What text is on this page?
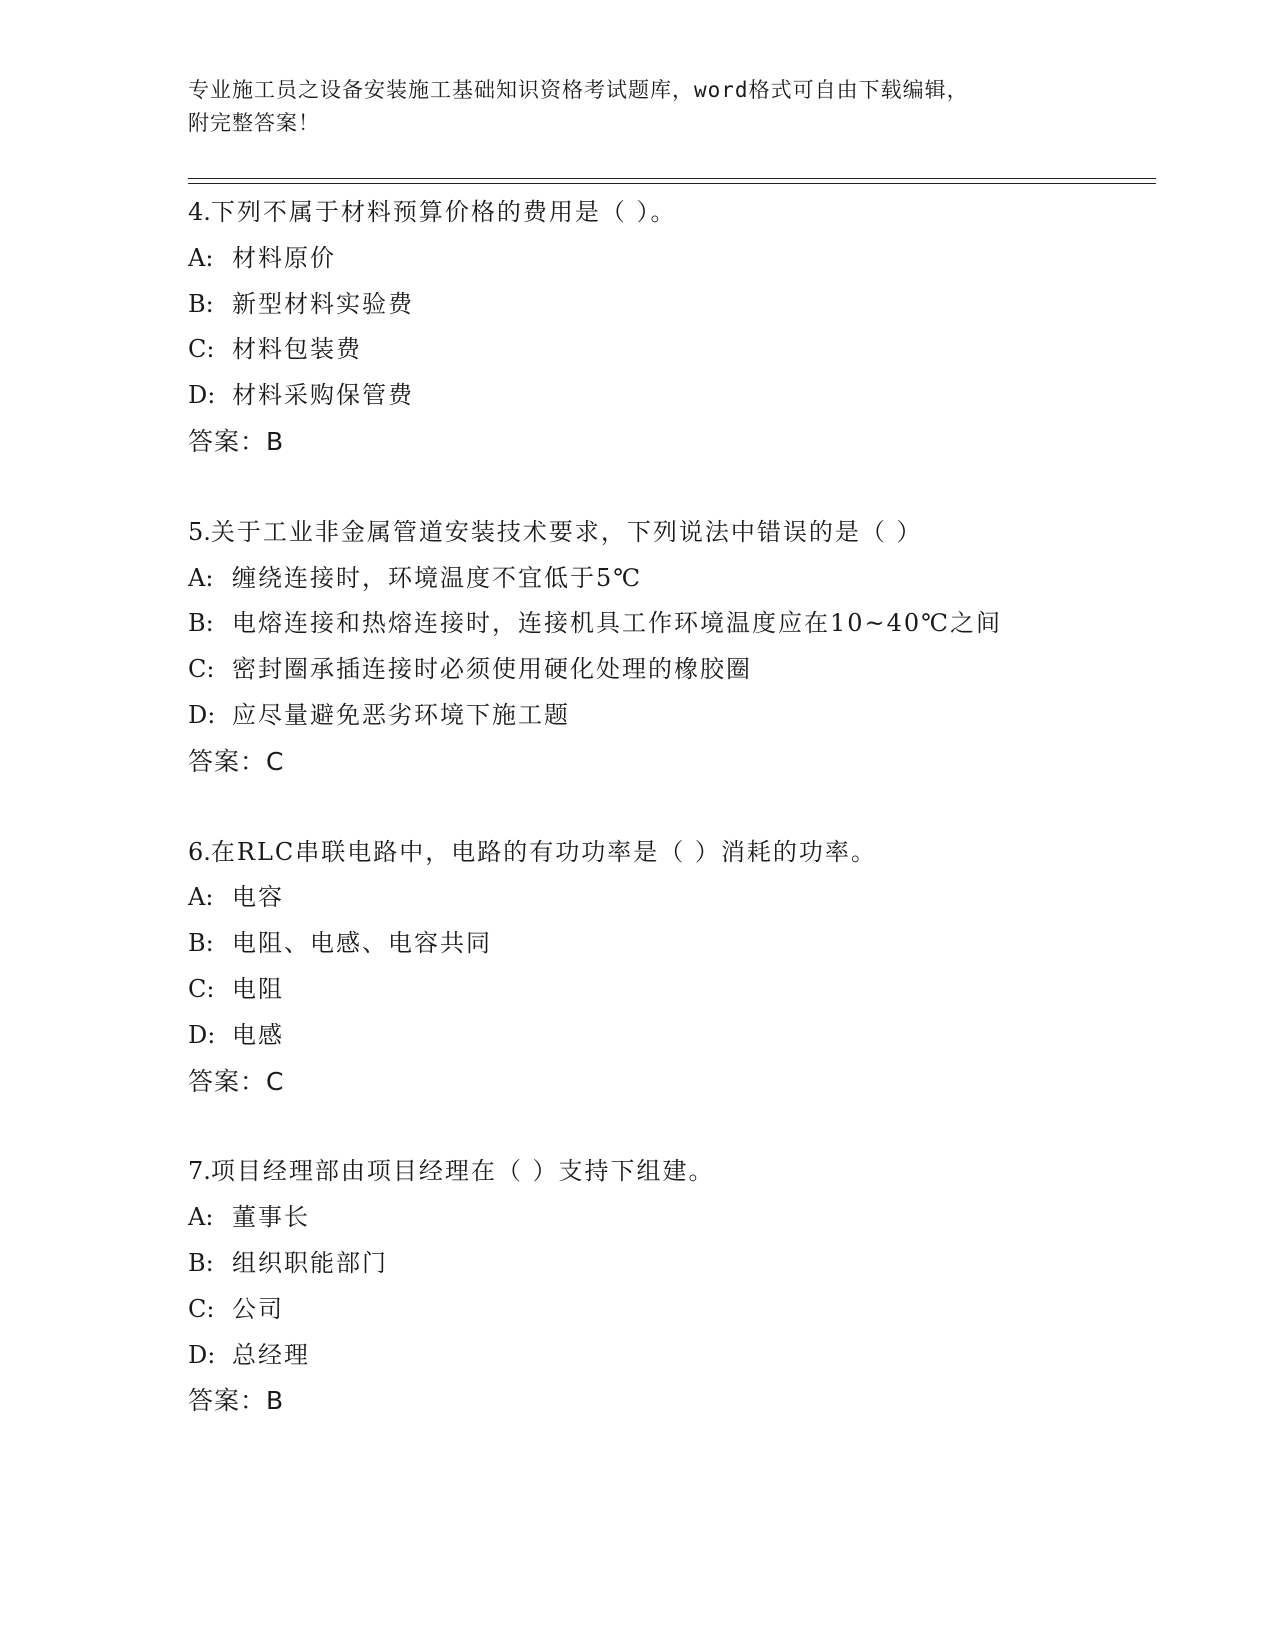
专业施工员之设备安装施工基础知识资格考试题库，word格式可自由下载编辑，
附完整答案！
4.下列不属于材料预算价格的费用是（ ）。
A: 材料原价
B: 新型材料实验费
C: 材料包装费
D: 材料采购保管费
答案：B
5.关于工业非金属管道安装技术要求，下列说法中错误的是（ ）
A: 缠绕连接时，环境温度不宜低于5℃
B: 电熔连接和热熔连接时，连接机具工作环境温度应在10~40℃之间
C: 密封圈承插连接时必须使用硬化处理的橡胶圈
D: 应尽量避免恶劣环境下施工题
答案：C
6.在RLC串联电路中，电路的有功功率是（ ）消耗的功率。
A: 电容
B: 电阻、电感、电容共同
C: 电阻
D: 电感
答案：C
7.项目经理部由项目经理在（ ）支持下组建。
A: 董事长
B: 组织职能部门
C: 公司
D: 总经理
答案：B
